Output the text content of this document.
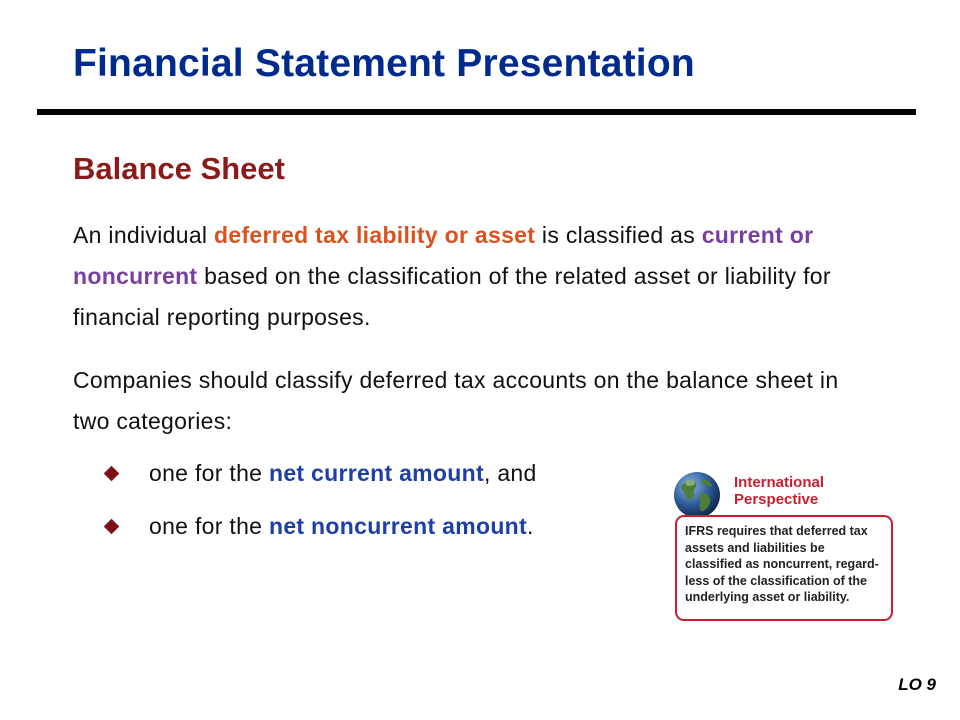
Financial Statement Presentation
Balance Sheet
An individual deferred tax liability or asset is classified as current or noncurrent based on the classification of the related asset or liability for financial reporting purposes.
Companies should classify deferred tax accounts on the balance sheet in two categories:
one for the net current amount, and
one for the net noncurrent amount.
International
Perspective
IFRS requires that deferred tax assets and liabilities be classified as noncurrent, regard-less of the classification of the underlying asset or liability.
LO 9
